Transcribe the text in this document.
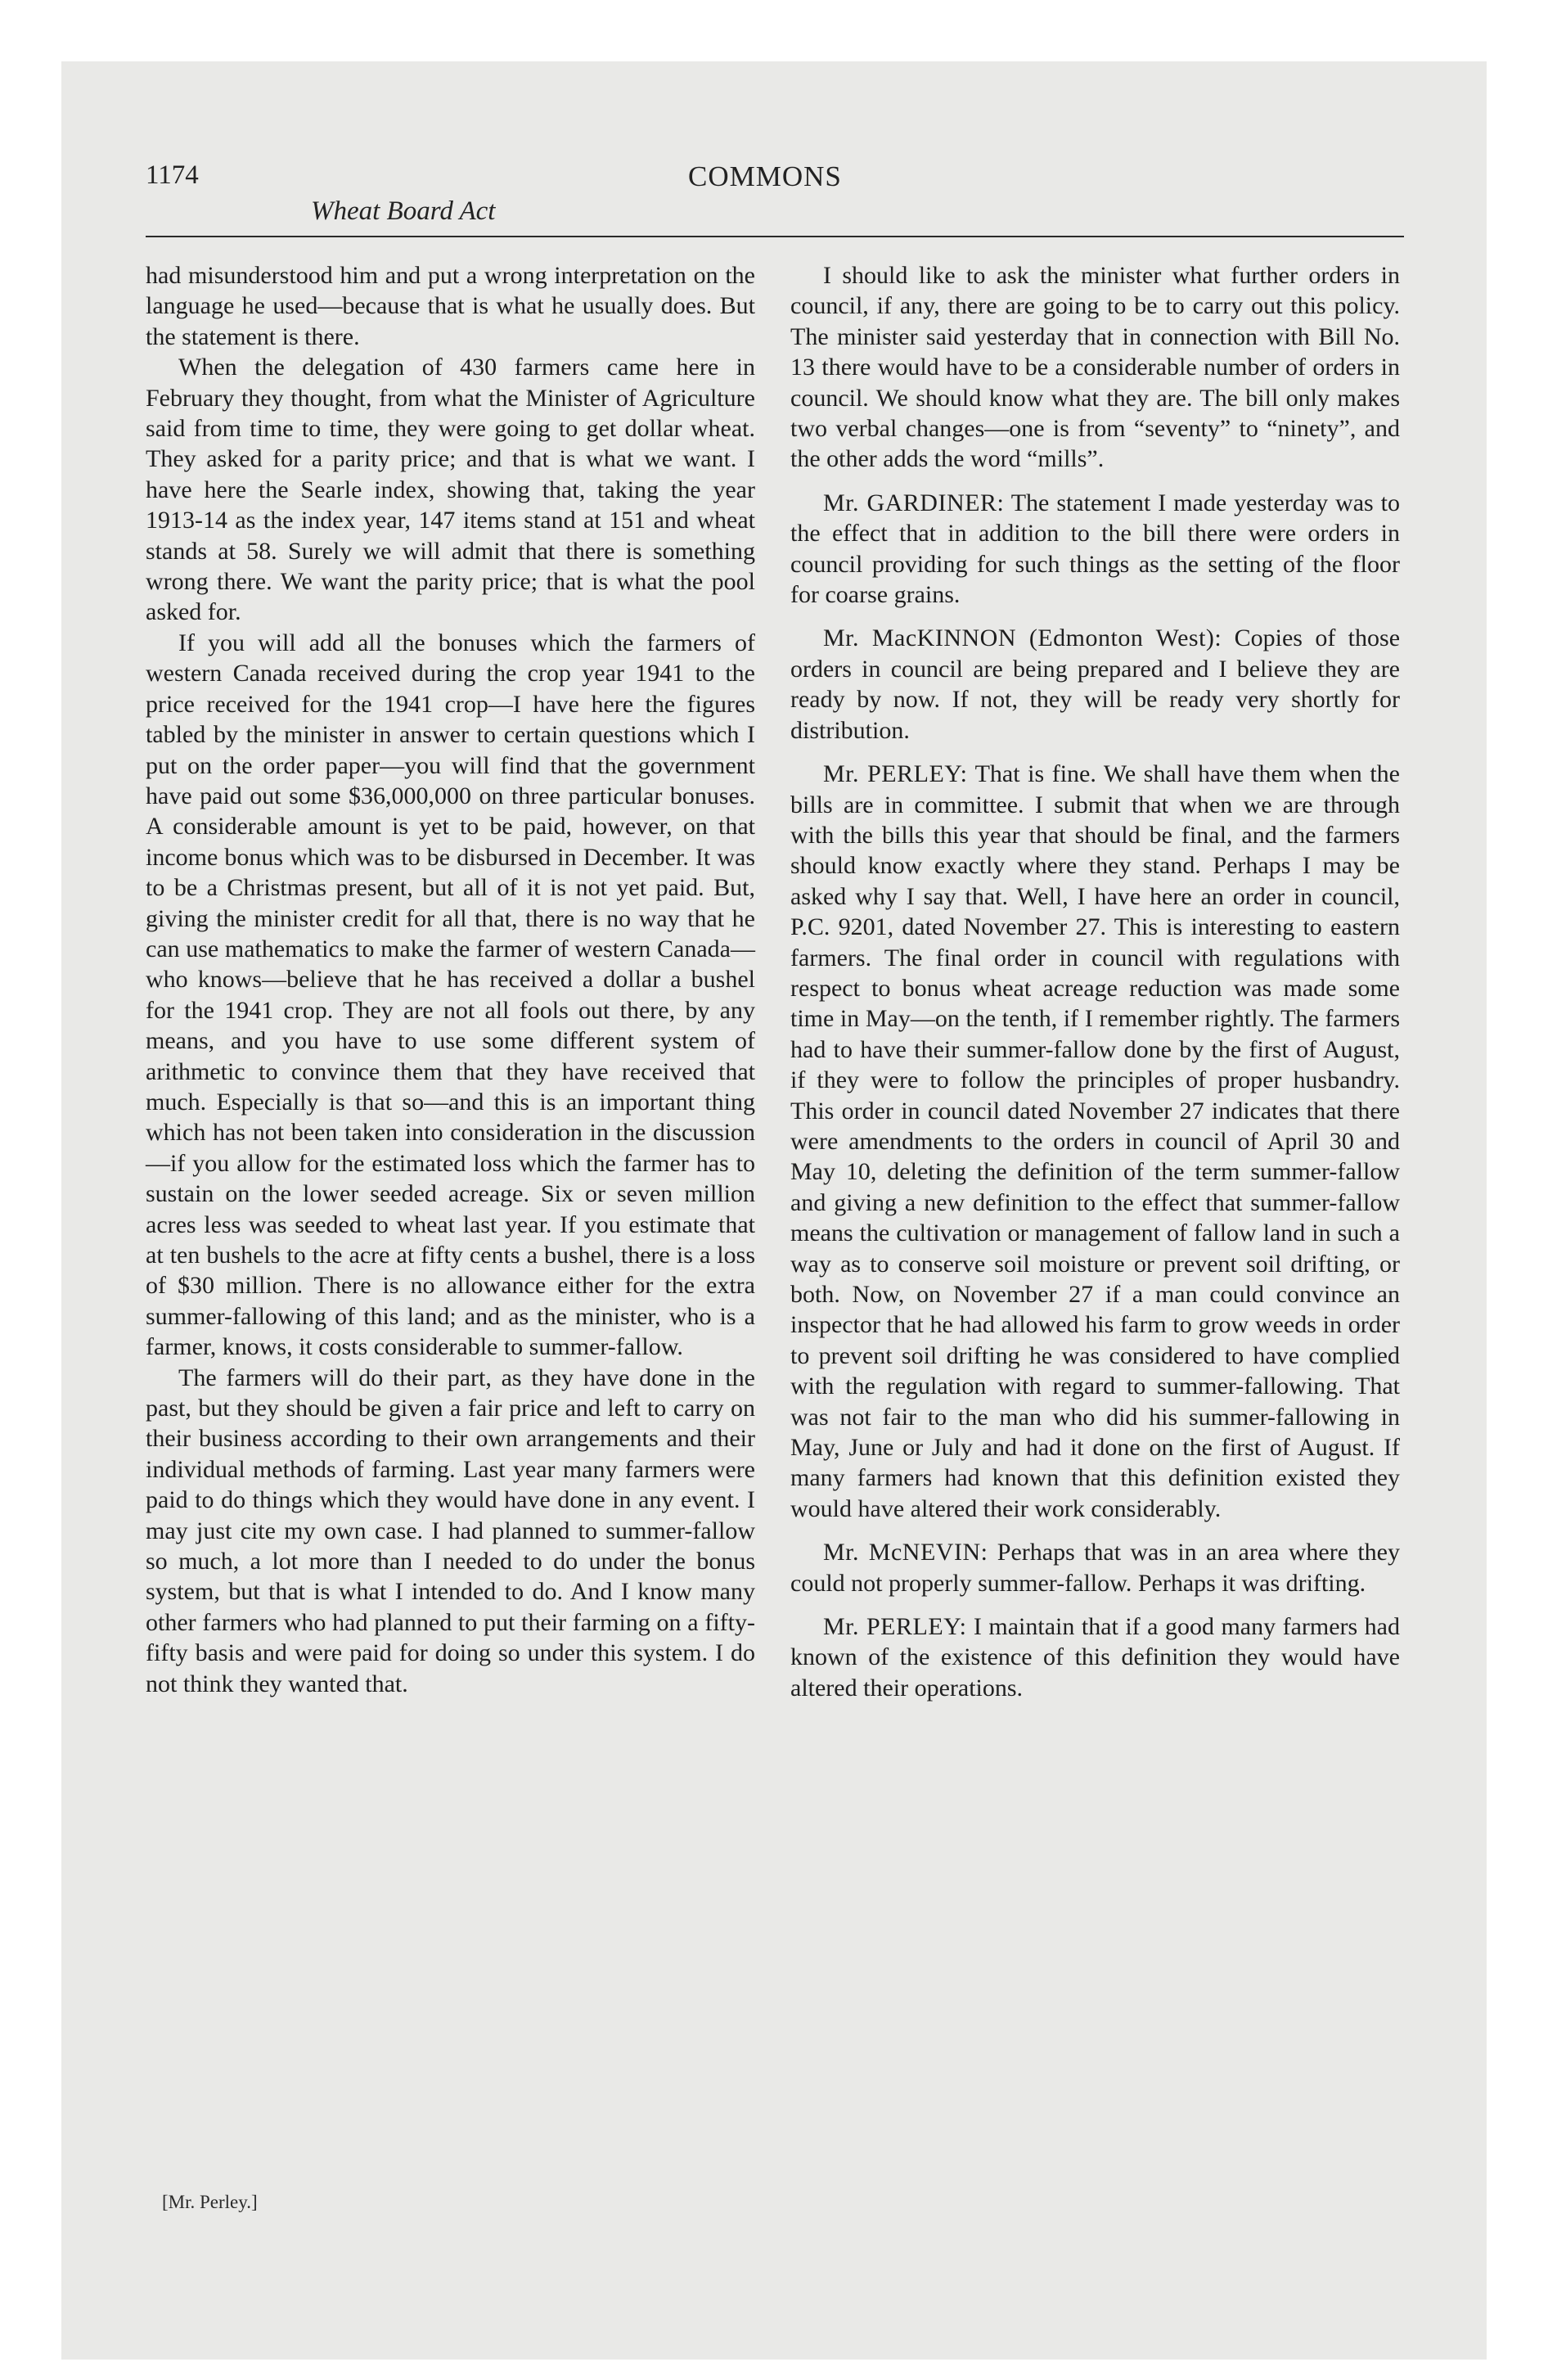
1174	COMMONS
Wheat Board Act

had misunderstood him and put a wrong interpretation on the language he used—because that is what he usually does. But the statement is there.

When the delegation of 430 farmers came here in February they thought, from what the Minister of Agriculture said from time to time, they were going to get dollar wheat. They asked for a parity price; and that is what we want. I have here the Searle index, showing that, taking the year 1913-14 as the index year, 147 items stand at 151 and wheat stands at 58. Surely we will admit that there is something wrong there. We want the parity price; that is what the pool asked for.

If you will add all the bonuses which the farmers of western Canada received during the crop year 1941 to the price received for the 1941 crop—I have here the figures tabled by the minister in answer to certain questions which I put on the order paper—you will find that the government have paid out some $36,000,000 on three particular bonuses. A considerable amount is yet to be paid, however, on that income bonus which was to be disbursed in December. It was to be a Christmas present, but all of it is not yet paid. But, giving the minister credit for all that, there is no way that he can use mathematics to make the farmer of western Canada—who knows—believe that he has received a dollar a bushel for the 1941 crop. They are not all fools out there, by any means, and you have to use some different system of arithmetic to convince them that they have received that much. Especially is that so—and this is an important thing which has not been taken into consideration in the discussion—if you allow for the estimated loss which the farmer has to sustain on the lower seeded acreage. Six or seven million acres less was seeded to wheat last year. If you estimate that at ten bushels to the acre at fifty cents a bushel, there is a loss of $30 million. There is no allowance either for the extra summer-fallowing of this land; and as the minister, who is a farmer, knows, it costs considerable to summer-fallow.

The farmers will do their part, as they have done in the past, but they should be given a fair price and left to carry on their business according to their own arrangements and their individual methods of farming. Last year many farmers were paid to do things which they would have done in any event. I may just cite my own case. I had planned to summer-fallow so much, a lot more than I needed to do under the bonus system, but that is what I intended to do. And I know many other farmers who had planned to put their farming on a fifty-fifty basis and were paid for doing so under this system. I do not think they wanted that.

[Mr. Perley.]

I should like to ask the minister what further orders in council, if any, there are going to be to carry out this policy. The minister said yesterday that in connection with Bill No. 13 there would have to be a considerable number of orders in council. We should know what they are. The bill only makes two verbal changes—one is from “seventy” to “ninety”, and the other adds the word “mills”.

Mr. GARDINER: The statement I made yesterday was to the effect that in addition to the bill there were orders in council providing for such things as the setting of the floor for coarse grains.

Mr. MacKINNON (Edmonton West): Copies of those orders in council are being prepared and I believe they are ready by now. If not, they will be ready very shortly for distribution.

Mr. PERLEY: That is fine. We shall have them when the bills are in committee. I submit that when we are through with the bills this year that should be final, and the farmers should know exactly where they stand. Perhaps I may be asked why I say that. Well, I have here an order in council, P.C. 9201, dated November 27. This is interesting to eastern farmers. The final order in council with regulations with respect to bonus wheat acreage reduction was made some time in May—on the tenth, if I remember rightly. The farmers had to have their summer-fallow done by the first of August, if they were to follow the principles of proper husbandry. This order in council dated November 27 indicates that there were amendments to the orders in council of April 30 and May 10, deleting the definition of the term summer-fallow and giving a new definition to the effect that summer-fallow means the cultivation or management of fallow land in such a way as to conserve soil moisture or prevent soil drifting, or both. Now, on November 27 if a man could convince an inspector that he had allowed his farm to grow weeds in order to prevent soil drifting he was considered to have complied with the regulation with regard to summer-fallowing. That was not fair to the man who did his summer-fallowing in May, June or July and had it done on the first of August. If many farmers had known that this definition existed they would have altered their work considerably.

Mr. McNEVIN: Perhaps that was in an area where they could not properly summer-fallow. Perhaps it was drifting.

Mr. PERLEY: I maintain that if a good many farmers had known of the existence of this definition they would have altered their operations.
